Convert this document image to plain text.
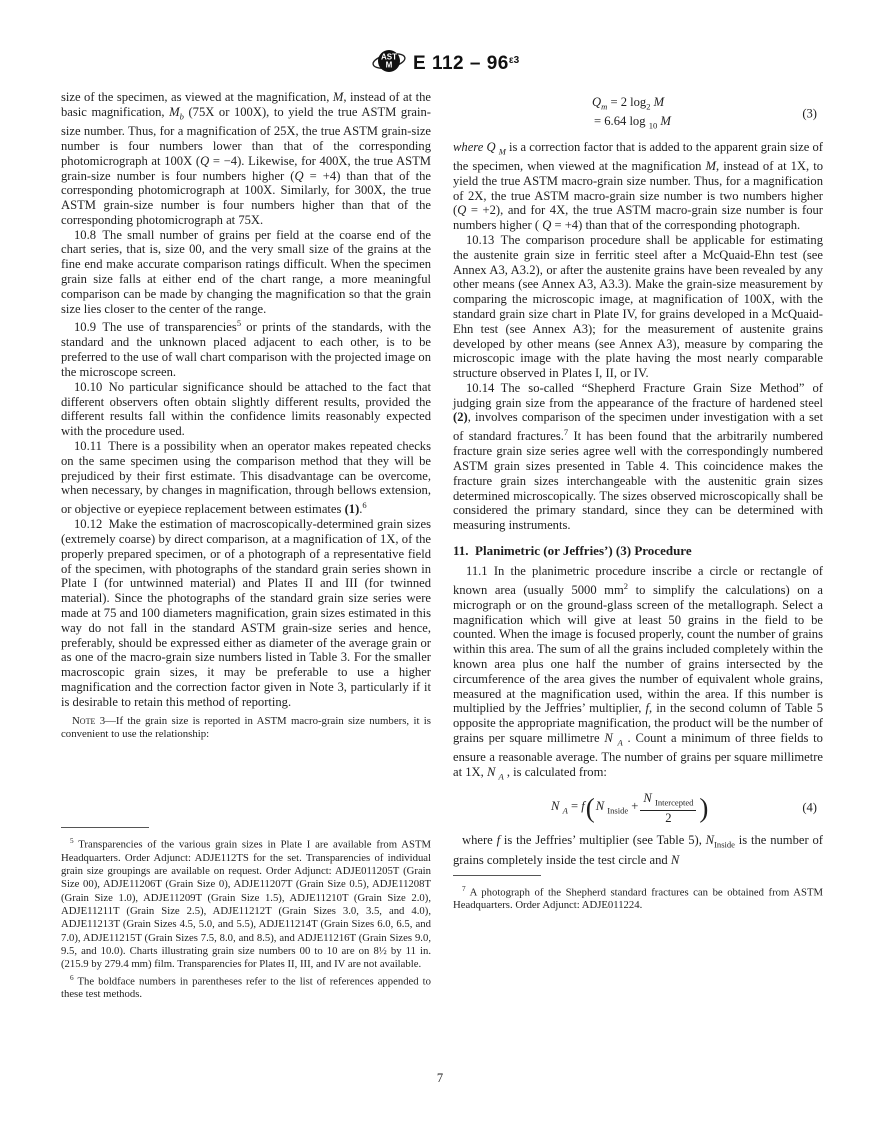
AST
M E $112 - 96^{\varepsilon 3}$

size of the specimen, as viewed at the magnification, M, instead of at the basic magnification, $M_b$ (75X or 100X), to yield the true ASTM grain-size number. Thus, for a magnification of 25X, the true ASTM grain-size number is four numbers lower than that of the corresponding photomicrograph at 100X (Q = −4). Likewise, for 400X, the true ASTM grain-size number is four numbers higher (Q = +4) than that of the corresponding photomicrograph at 100X. Similarly, for 300X, the true ASTM grain-size number is four numbers higher than that of the corresponding photomicrograph at 75X.

10.8 The small number of grains per field at the coarse end of the chart series, that is, size 00, and the very small size of the grains at the fine end make accurate comparison ratings difficult. When the specimen grain size falls at either end of the chart range, a more meaningful comparison can be made by changing the magnification so that the grain size lies closer to the center of the range.

10.9 The use of transparencies$^5$ or prints of the standards, with the standard and the unknown placed adjacent to each other, is to be preferred to the use of wall chart comparison with the projected image on the microscope screen.

10.10 No particular significance should be attached to the fact that different observers often obtain slightly different results, provided the different results fall within the confidence limits reasonably expected with the procedure used.

10.11 There is a possibility when an operator makes repeated checks on the same specimen using the comparison method that they will be prejudiced by their first estimate. This disadvantage can be overcome, when necessary, by changes in magnification, through bellows extension, or objective or eyepiece replacement between estimates (1).$^6$

10.12 Make the estimation of macroscopically-determined grain sizes (extremely coarse) by direct comparison, at a magnification of 1X, of the properly prepared specimen, or of a photograph of a representative field of the specimen, with photographs of the standard grain series shown in Plate I (for untwinned material) and Plates II and III (for twinned material). Since the photographs of the standard grain size series were made at 75 and 100 diameters magnification, grain sizes estimated in this way do not fall in the standard ASTM grain-size series and hence, preferably, should be expressed either as diameter of the average grain or as one of the macro-grain size numbers listed in Table 3. For the smaller macroscopic grain sizes, it may be preferable to use a higher magnification and the correction factor given in Note 3, particularly if it is desirable to retain this method of reporting.

Note 3—If the grain size is reported in ASTM macro-grain size numbers, it is convenient to use the relationship:

$^5$ Transparencies of the various grain sizes in Plate I are available from ASTM Headquarters. Order Adjunct: ADJE112TS for the set. Transparencies of individual grain size groupings are available on request. Order Adjunct: ADJE011205T (Grain Size 00), ADJE11206T (Grain Size 0), ADJE11207T (Grain Size 0.5), ADJE11208T (Grain Size 1.0), ADJE11209T (Grain Size 1.5), ADJE11210T (Grain Size 2.0), ADJE11211T (Grain Size 2.5), ADJE11212T (Grain Sizes 3.0, 3.5, and 4.0), ADJE11213T (Grain Sizes 4.5, 5.0, and 5.5), ADJE11214T (Grain Sizes 6.0, 6.5, and 7.0), ADJE11215T (Grain Sizes 7.5, 8.0, and 8.5), and ADJE11216T (Grain Sizes 9.0, 9.5, and 10.0). Charts illustrating grain size numbers 00 to 10 are on 8½ by 11 in. (215.9 by 279.4 mm) film. Transparencies for Plates II, III, and IV are not available.

$^6$ The boldface numbers in parentheses refer to the list of references appended to these test methods.

$Q_m = 2$ $\log_2 M$
= 6.64 log $_{10}$ M
(3)

where Q $_M$ is a correction factor that is added to the apparent grain size of the specimen, when viewed at the magnification M, instead of at 1X, to yield the true ASTM macro-grain size number. Thus, for a magnification of 2X, the true ASTM macro-grain size number is two numbers higher (Q = +2), and for 4X, the true ASTM macro-grain size number is four numbers higher ( Q = +4) than that of the corresponding photograph.

10.13 The comparison procedure shall be applicable for estimating the austenite grain size in ferritic steel after a McQuaid-Ehn test (see Annex A3, A3.2), or after the austenite grains have been revealed by any other means (see Annex A3, A3.3). Make the grain-size measurement by comparing the microscopic image, at magnification of 100X, with the standard grain size chart in Plate IV, for grains developed in a McQuaid-Ehn test (see Annex A3); for the measurement of austenite grains developed by other means (see Annex A3), measure by comparing the microscopic image with the plate having the most nearly comparable structure observed in Plates I, II, or IV.

10.14 The so-called “Shepherd Fracture Grain Size Method” of judging grain size from the appearance of the fracture of hardened steel (2), involves comparison of the specimen under investigation with a set of standard fractures.$^7$ It has been found that the arbitrarily numbered fracture grain size series agree well with the correspondingly numbered ASTM grain sizes presented in Table 4. This coincidence makes the fracture grain sizes interchangeable with the austenitic grain sizes determined microscopically. The sizes observed microscopically shall be considered the primary standard, since they can be determined with measuring instruments.

11. Planimetric (or Jeffries’) (3) Procedure

11.1 In the planimetric procedure inscribe a circle or rectangle of known area (usually 5000 $mm^2$ to simplify the calculations) on a micrograph or on the ground-glass screen of the metallograph. Select a magnification which will give at least 50 grains in the field to be counted. When the image is focused properly, count the number of grains within this area. The sum of all the grains included completely within the known area plus one half the number of grains intersected by the circumference of the area gives the number of equivalent whole grains, measured at the magnification used, within the area. If this number is multiplied by the Jeffries’ multiplier, f, in the second column of Table 5 opposite the appropriate magnification, the product will be the number of grains per square millimetre N $_A$ . Count a minimum of three fields to ensure a reasonable average. The number of grains per square millimetre at 1X, N $_A$ , is calculated from:

N $_A$ = f ( N $_{Inside} + \frac{N _{Intercepted}}{2}$ )	(4)

where f is the Jeffries’ multiplier (see Table 5), $N_{Inside}$ is the number of grains completely inside the test circle and N

$^7$ A photograph of the Shepherd standard fractures can be obtained from ASTM Headquarters. Order Adjunct: ADJE011224.

7
